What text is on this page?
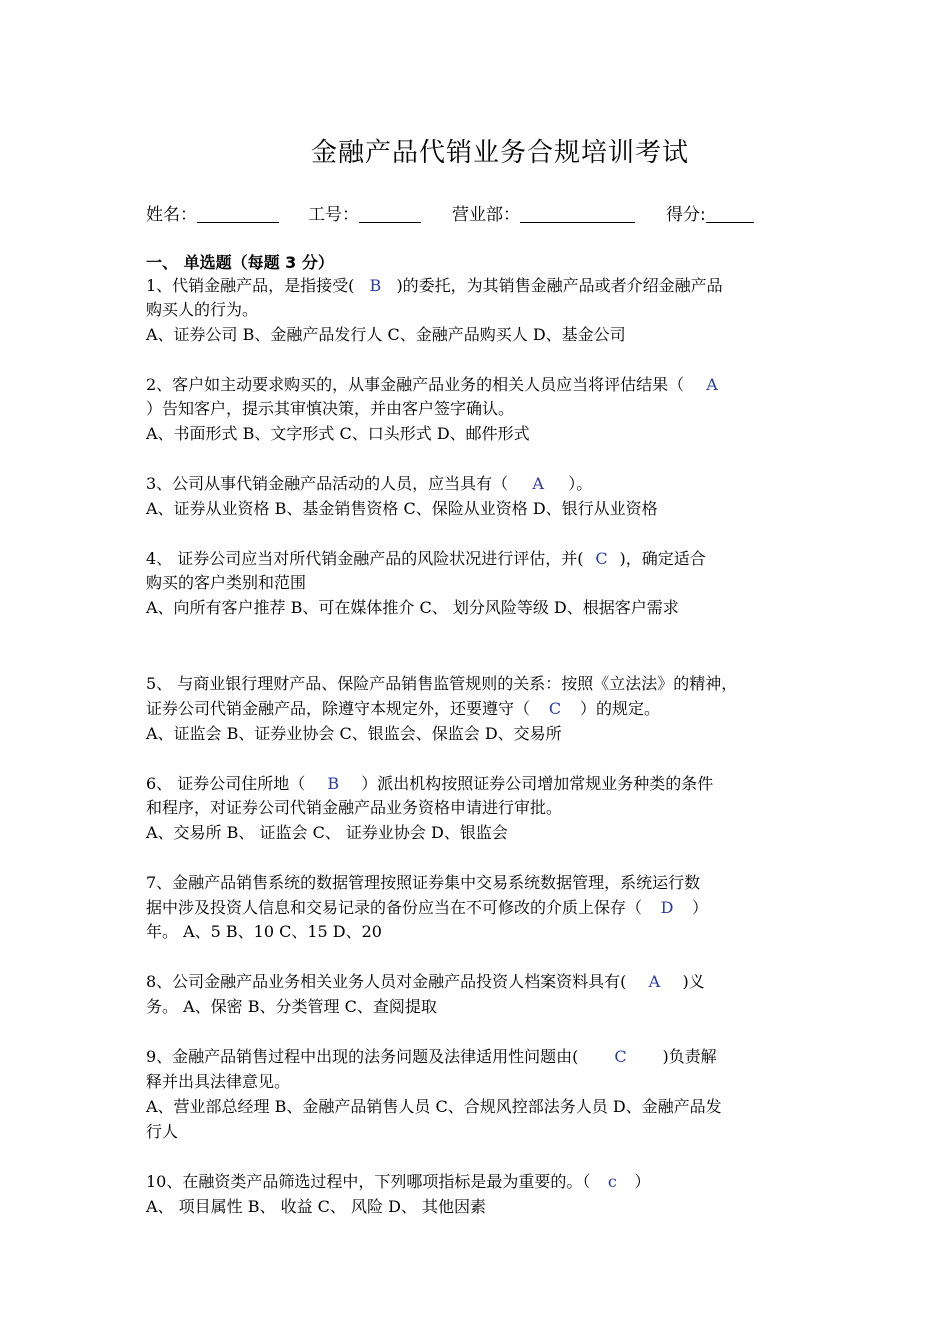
金融产品代销业务合规培训考试
姓名：	工号：	营业部：	得分:
一、 单选题（每题 3 分）
1、代销金融产品，是指接受( B )的委托，为其销售金融产品或者介绍金融产品
购买人的行为。
A、证券公司 B、金融产品发行人 C、金融产品购买人 D、基金公司
2、客户如主动要求购买的，从事金融产品业务的相关人员应当将评估结果（ A
）告知客户，提示其审慎决策，并由客户签字确认。
A、书面形式 B、文字形式 C、口头形式 D、邮件形式
3、公司从事代销金融产品活动的人员，应当具有（ A ）。
A、证券从业资格 B、基金销售资格 C、保险从业资格 D、银行从业资格
4、 证券公司应当对所代销金融产品的风险状况进行评估，并( C )，确定适合
购买的客户类别和范围
A、向所有客户推荐 B、可在媒体推介 C、 划分风险等级 D、根据客户需求
5、 与商业银行理财产品、保险产品销售监管规则的关系：按照《立法法》的精神，
证券公司代销金融产品，除遵守本规定外，还要遵守（ C ）的规定。
A、证监会 B、证券业协会 C、银监会、保监会 D、交易所
6、 证券公司住所地（ B ）派出机构按照证券公司增加常规业务种类的条件
和程序，对证券公司代销金融产品业务资格申请进行审批。
A、交易所 B、 证监会 C、 证券业协会 D、银监会
7、金融产品销售系统的数据管理按照证券集中交易系统数据管理，系统运行数
据中涉及投资人信息和交易记录的备份应当在不可修改的介质上保存（ D ）
年。 A、5 B、10 C、15 D、20
8、公司金融产品业务相关业务人员对金融产品投资人档案资料具有( A )义
务。 A、保密 B、分类管理 C、查阅提取
9、金融产品销售过程中出现的法务问题及法律适用性问题由( C )负责解
释并出具法律意见。
A、营业部总经理 B、金融产品销售人员 C、合规风控部法务人员 D、金融产品发
行人
10、在融资类产品筛选过程中，下列哪项指标是最为重要的。（ c ）
A、 项目属性 B、 收益 C、 风险 D、 其他因素
